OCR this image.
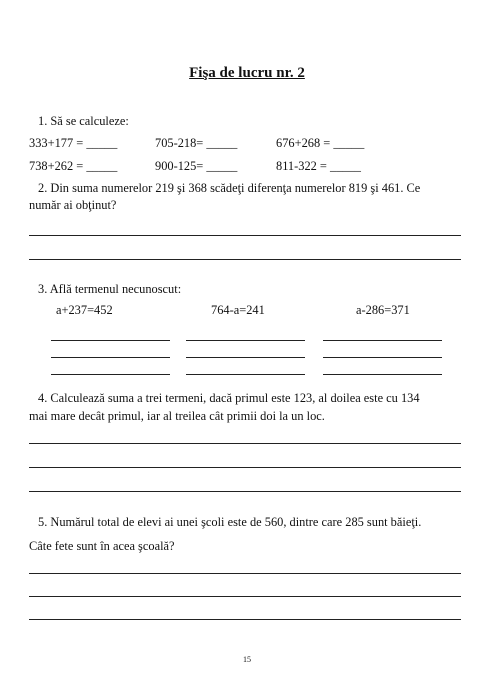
Fişa de lucru nr. 2
1. Să se calculeze:
333+177 = _____	705-218= _____	676+268 = _____
738+262 = _____	900-125= _____	811-322 = _____
2. Din suma numerelor 219 şi 368 scădeţi diferenţa numerelor 819 şi 461. Ce
număr ai obţinut?
3. Află termenul necunoscut:
a+237=452	764-a=241	a-286=371
4. Calculează suma a trei termeni, dacă primul este 123, al doilea este cu 134
mai mare decât primul, iar al treilea cât primii doi la un loc.
5. Numărul total de elevi ai unei şcoli este de 560, dintre care 285 sunt băieţi.
Câte fete sunt în acea şcoală?
15
